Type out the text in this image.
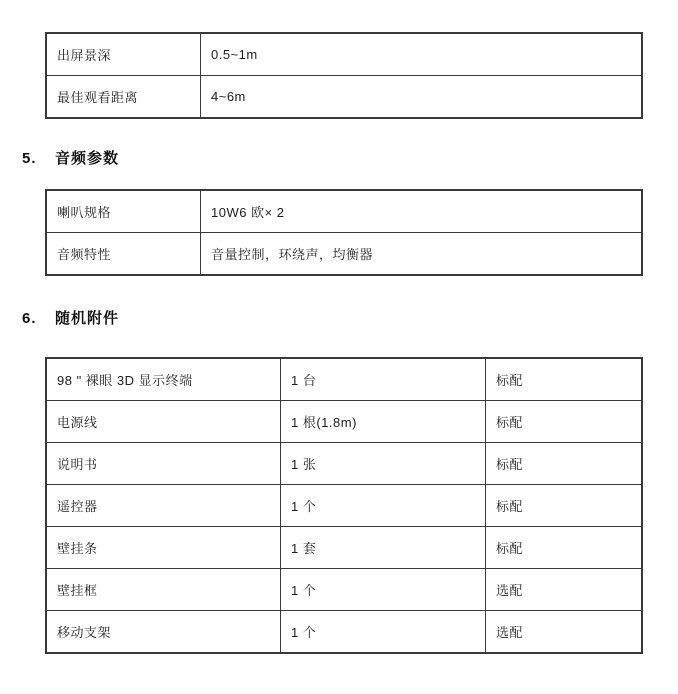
出屏景深	0.5~1m
最佳观看距离	4~6m
5.	音频参数
喇叭规格	10W6 欧× 2
音频特性	音量控制，环绕声，均衡器
6.	随机附件
98 " 裸眼 3D 显示终端	1 台	标配
电源线	1 根(1.8m)	标配
说明书	1 张	标配
遥控器	1 个	标配
壁挂条	1 套	标配
壁挂框	1 个	选配
移动支架	1 个	选配
